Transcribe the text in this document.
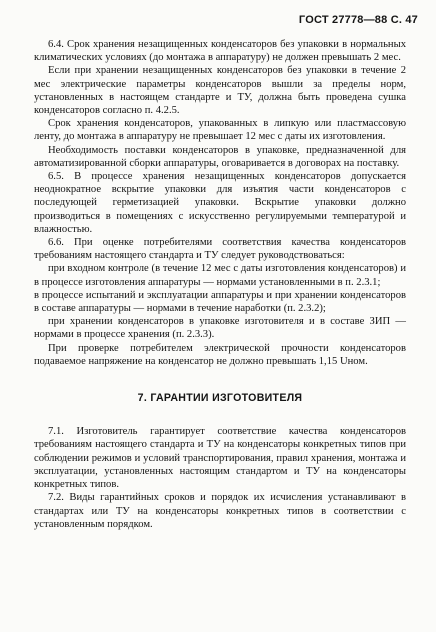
ГОСТ 27778—88 С. 47

6.4. Срок хранения незащищенных конденсаторов без упаковки в нормальных климатических условиях (до монтажа в аппаратуру) не должен превышать 2 мес.

Если при хранении незащищенных конденсаторов без упаковки в течение 2 мес электрические параметры конденсаторов вышли за пределы норм, установленных в настоящем стандарте и ТУ, должна быть проведена сушка конденсаторов согласно п. 4.2.5.

Срок хранения конденсаторов, упакованных в липкую или пластмассовую ленту, до монтажа в аппаратуру не превышает 12 мес с даты их изготовления.

Необходимость поставки конденсаторов в упаковке, предназначенной для автоматизированной сборки аппаратуры, оговаривается в договорах на поставку.

6.5. В процессе хранения незащищенных конденсаторов допускается неоднократное вскрытие упаковки для изъятия части конденсаторов с последующей герметизацией упаковки. Вскрытие упаковки должно производиться в помещениях с искусственно регулируемыми температурой и влажностью.

6.6. При оценке потребителями соответствия качества конденсаторов требованиям настоящего стандарта и ТУ следует руководствоваться:

при входном контроле (в течение 12 мес с даты изготовления конденсаторов) и в процессе изготовления аппаратуры — нормами установленными в п. 2.3.1;

в процессе испытаний и эксплуатации аппаратуры и при хранении конденсаторов в составе аппаратуры — нормами в течение наработки (п. 2.3.2);

при хранении конденсаторов в упаковке изготовителя и в составе ЗИП — нормами в процессе хранения (п. 2.3.3).

При проверке потребителем электрической прочности конденсаторов подаваемое напряжение на конденсатор не должно превышать 1,15 Uном.

7. ГАРАНТИИ ИЗГОТОВИТЕЛЯ

7.1. Изготовитель гарантирует соответствие качества конденсаторов требованиям настоящего стандарта и ТУ на конденсаторы конкретных типов при соблюдении режимов и условий транспортирования, правил хранения, монтажа и эксплуатации, установленных настоящим стандартом и ТУ на конденсаторы конкретных типов.

7.2. Виды гарантийных сроков и порядок их исчисления устанавливают в стандартах или ТУ на конденсаторы конкретных типов в соответствии с установленным порядком.
